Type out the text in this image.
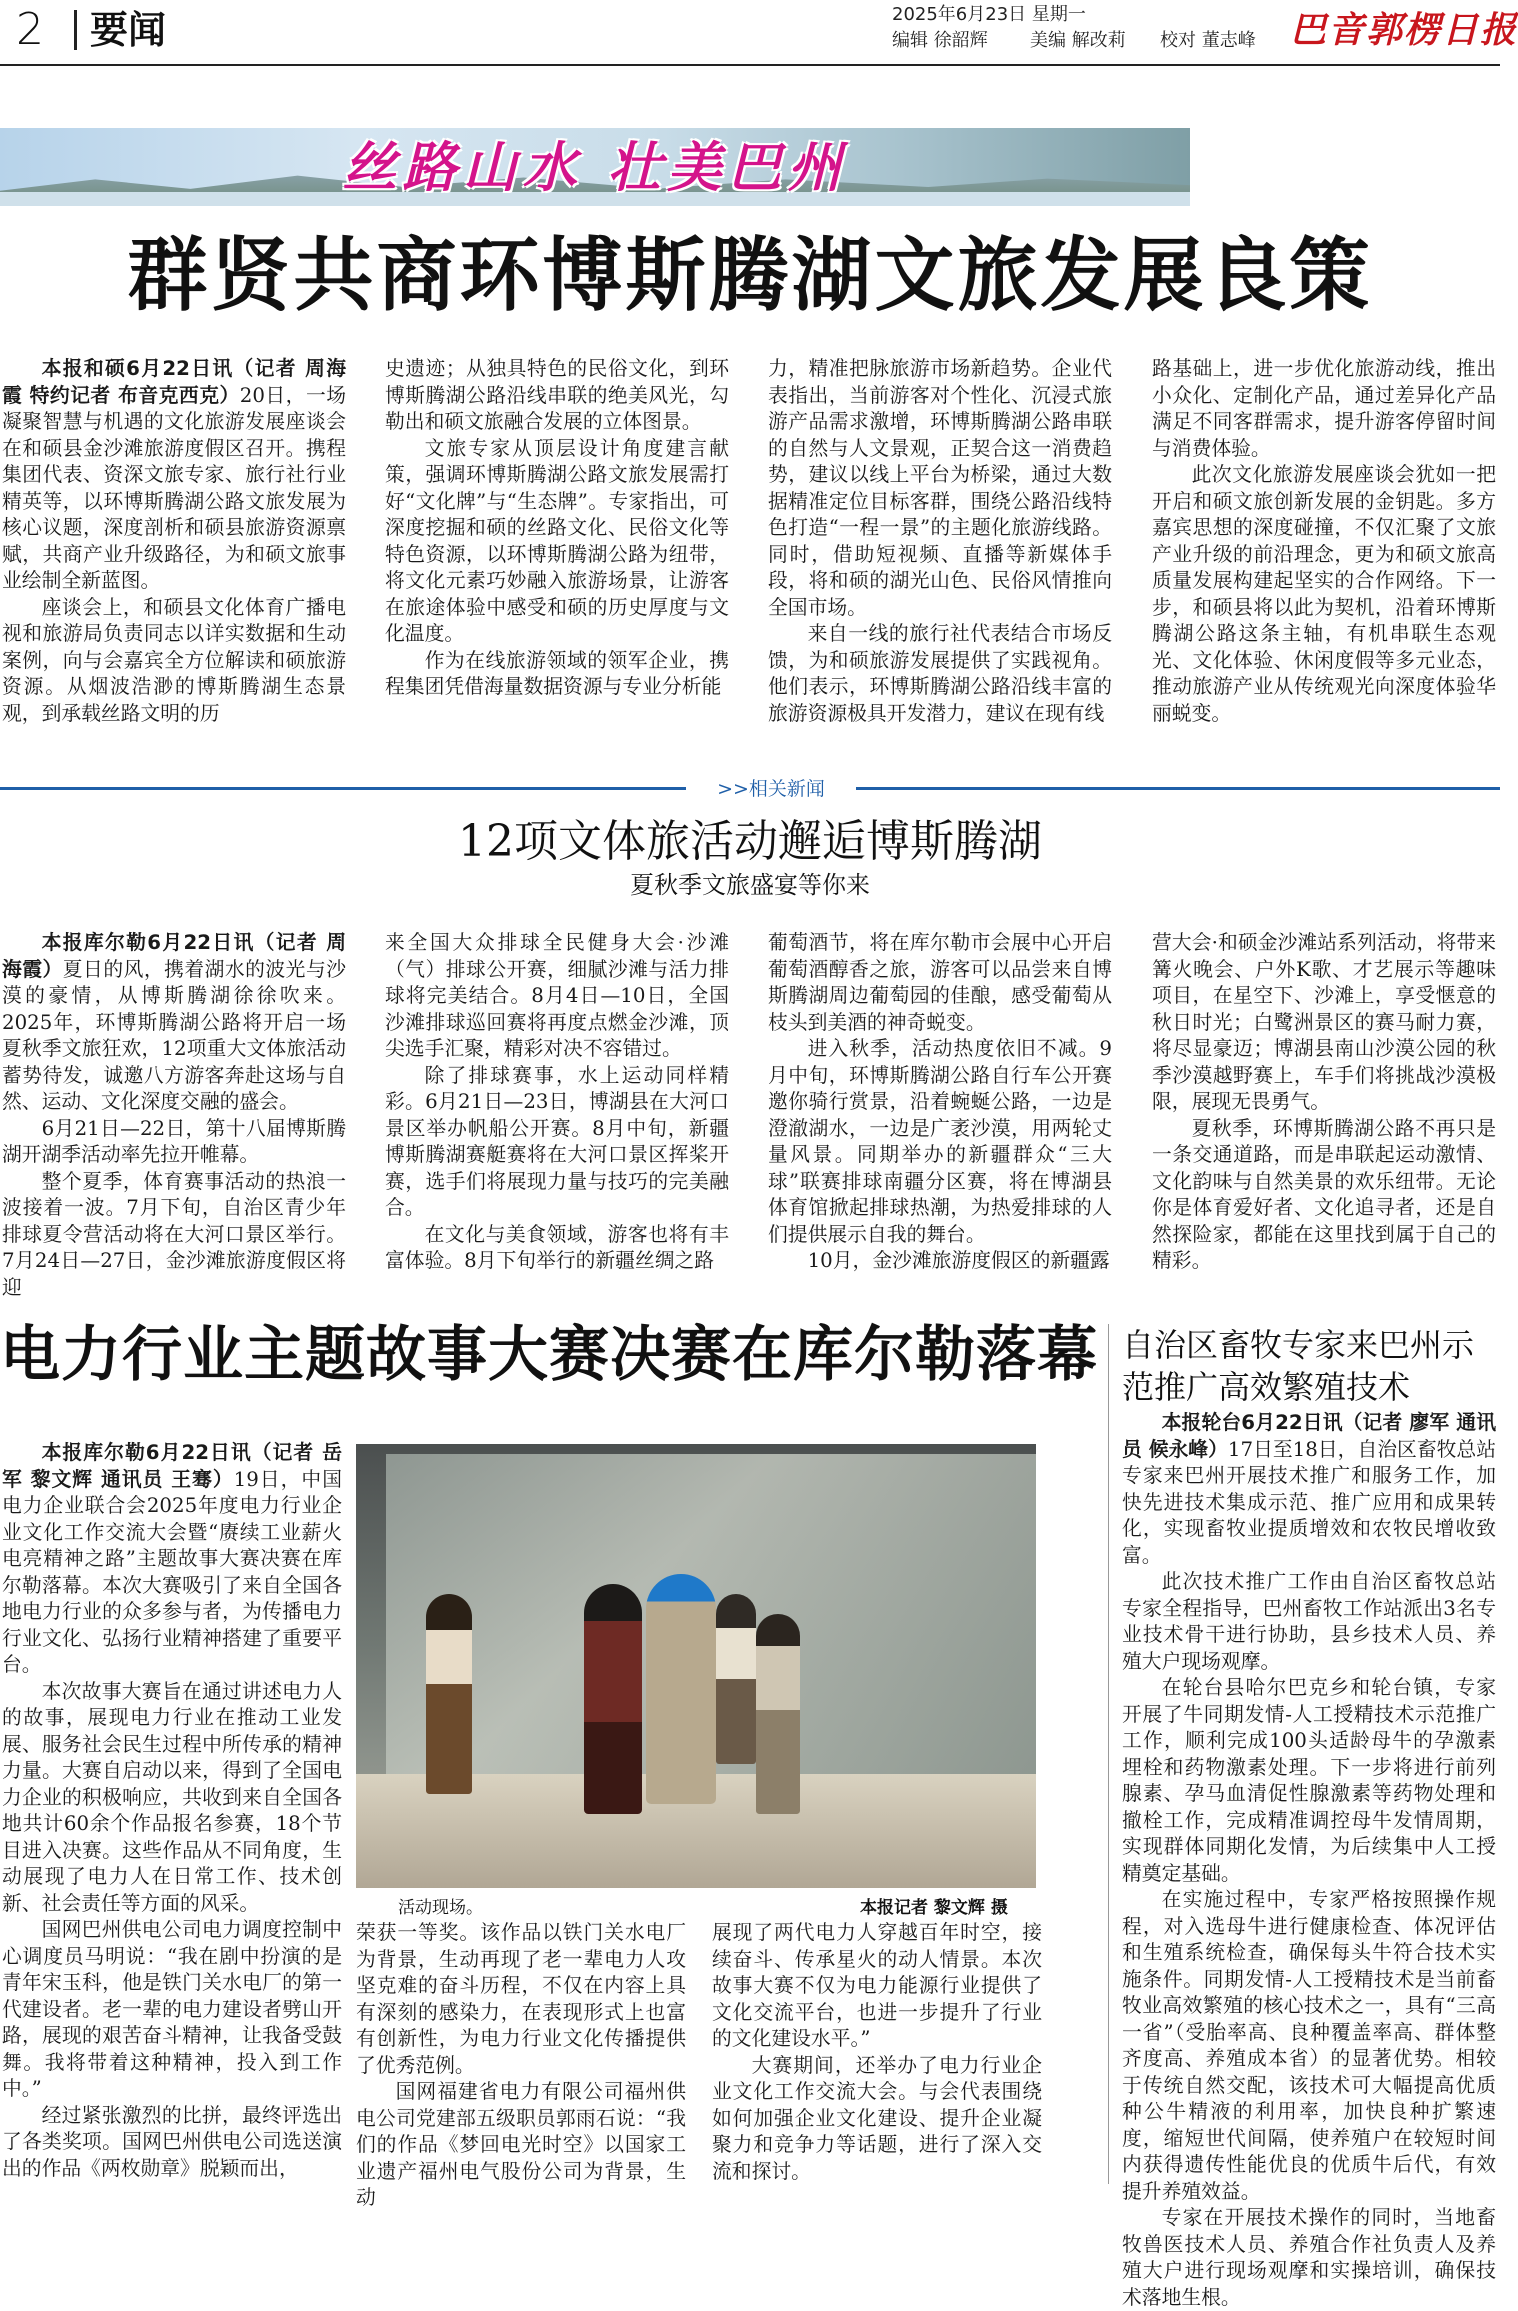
2 要闻	2025年6月23日 星期一
编辑 徐韶辉 美编 解改莉 校对 董志峰 巴音郭楞日报
丝路山水 壮美巴州
群贤共商环博斯腾湖文旅发展良策

本报和硕6月22日讯（记者 周海霞 特约记者 布音克西克）20日，一场凝聚智慧与机遇的文化旅游发展座谈会在和硕县金沙滩旅游度假区召开。携程集团代表、资深文旅专家、旅行社行业精英等，以环博斯腾湖公路文旅发展为核心议题，深度剖析和硕县旅游资源禀赋，共商产业升级路径，为和硕文旅事业绘制全新蓝图。

座谈会上，和硕县文化体育广播电视和旅游局负责同志以详实数据和生动案例，向与会嘉宾全方位解读和硕旅游资源。从烟波浩渺的博斯腾湖生态景观，到承载丝路文明的历

史遗迹；从独具特色的民俗文化，到环博斯腾湖公路沿线串联的绝美风光，勾勒出和硕文旅融合发展的立体图景。

文旅专家从顶层设计角度建言献策，强调环博斯腾湖公路文旅发展需打好“文化牌”与“生态牌”。专家指出，可深度挖掘和硕的丝路文化、民俗文化等特色资源，以环博斯腾湖公路为纽带，将文化元素巧妙融入旅游场景，让游客在旅途体验中感受和硕的历史厚度与文化温度。

作为在线旅游领域的领军企业，携程集团凭借海量数据资源与专业分析能

力，精准把脉旅游市场新趋势。企业代表指出，当前游客对个性化、沉浸式旅游产品需求激增，环博斯腾湖公路串联的自然与人文景观，正契合这一消费趋势，建议以线上平台为桥梁，通过大数据精准定位目标客群，围绕公路沿线特色打造“一程一景”的主题化旅游线路。同时，借助短视频、直播等新媒体手段，将和硕的湖光山色、民俗风情推向全国市场。

来自一线的旅行社代表结合市场反馈，为和硕旅游发展提供了实践视角。他们表示，环博斯腾湖公路沿线丰富的旅游资源极具开发潜力，建议在现有线

路基础上，进一步优化旅游动线，推出小众化、定制化产品，通过差异化产品满足不同客群需求，提升游客停留时间与消费体验。

此次文化旅游发展座谈会犹如一把开启和硕文旅创新发展的金钥匙。多方嘉宾思想的深度碰撞，不仅汇聚了文旅产业升级的前沿理念，更为和硕文旅高质量发展构建起坚实的合作网络。下一步，和硕县将以此为契机，沿着环博斯腾湖公路这条主轴，有机串联生态观光、文化体验、休闲度假等多元业态，推动旅游产业从传统观光向深度体验华丽蜕变。

>>相关新闻
12项文体旅活动邂逅博斯腾湖
夏秋季文旅盛宴等你来

本报库尔勒6月22日讯（记者 周海霞）夏日的风，携着湖水的波光与沙漠的豪情，从博斯腾湖徐徐吹来。2025年，环博斯腾湖公路将开启一场夏秋季文旅狂欢，12项重大文体旅活动蓄势待发，诚邀八方游客奔赴这场与自然、运动、文化深度交融的盛会。

6月21日—22日，第十八届博斯腾湖开湖季活动率先拉开帷幕。

整个夏季，体育赛事活动的热浪一波接着一波。7月下旬，自治区青少年排球夏令营活动将在大河口景区举行。7月24日—27日，金沙滩旅游度假区将迎

来全国大众排球全民健身大会·沙滩（气）排球公开赛，细腻沙滩与活力排球将完美结合。8月4日—10日，全国沙滩排球巡回赛将再度点燃金沙滩，顶尖选手汇聚，精彩对决不容错过。

除了排球赛事，水上运动同样精彩。6月21日—23日，博湖县在大河口景区举办帆船公开赛。8月中旬，新疆博斯腾湖赛艇赛将在大河口景区挥桨开赛，选手们将展现力量与技巧的完美融合。

在文化与美食领域，游客也将有丰富体验。8月下旬举行的新疆丝绸之路

葡萄酒节，将在库尔勒市会展中心开启葡萄酒醇香之旅，游客可以品尝来自博斯腾湖周边葡萄园的佳酿，感受葡萄从枝头到美酒的神奇蜕变。

进入秋季，活动热度依旧不减。9月中旬，环博斯腾湖公路自行车公开赛邀你骑行赏景，沿着蜿蜒公路，一边是澄澈湖水，一边是广袤沙漠，用两轮丈量风景。同期举办的新疆群众“三大球”联赛排球南疆分区赛，将在博湖县体育馆掀起排球热潮，为热爱排球的人们提供展示自我的舞台。

10月，金沙滩旅游度假区的新疆露

营大会·和硕金沙滩站系列活动，将带来篝火晚会、户外K歌、才艺展示等趣味项目，在星空下、沙滩上，享受惬意的秋日时光；白鹭洲景区的赛马耐力赛，将尽显豪迈；博湖县南山沙漠公园的秋季沙漠越野赛上，车手们将挑战沙漠极限，展现无畏勇气。

夏秋季，环博斯腾湖公路不再只是一条交通道路，而是串联起运动激情、文化韵味与自然美景的欢乐纽带。无论你是体育爱好者、文化追寻者，还是自然探险家，都能在这里找到属于自己的精彩。

电力行业主题故事大赛决赛在库尔勒落幕

本报库尔勒6月22日讯（记者 岳军 黎文辉 通讯员 王骞）19日，中国电力企业联合会2025年度电力行业企业文化工作交流大会暨“赓续工业薪火 电亮精神之路”主题故事大赛决赛在库尔勒落幕。本次大赛吸引了来自全国各地电力行业的众多参与者，为传播电力行业文化、弘扬行业精神搭建了重要平台。

本次故事大赛旨在通过讲述电力人的故事，展现电力行业在推动工业发展、服务社会民生过程中所传承的精神力量。大赛自启动以来，得到了全国电力企业的积极响应，共收到来自全国各地共计60余个作品报名参赛，18个节目进入决赛。这些作品从不同角度，生动展现了电力人在日常工作、技术创新、社会责任等方面的风采。

国网巴州供电公司电力调度控制中心调度员马明说：“我在剧中扮演的是青年宋玉科，他是铁门关水电厂的第一代建设者。老一辈的电力建设者劈山开路，展现的艰苦奋斗精神，让我备受鼓舞。我将带着这种精神，投入到工作中。”

经过紧张激烈的比拼，最终评选出了各类奖项。国网巴州供电公司选送演出的作品《两枚勋章》脱颖而出，

活动现场。	本报记者 黎文辉 摄

荣获一等奖。该作品以铁门关水电厂为背景，生动再现了老一辈电力人攻坚克难的奋斗历程，不仅在内容上具有深刻的感染力，在表现形式上也富有创新性，为电力行业文化传播提供了优秀范例。

国网福建省电力有限公司福州供电公司党建部五级职员郭雨石说：“我们的作品《梦回电光时空》以国家工业遗产福州电气股份公司为背景，生动

展现了两代电力人穿越百年时空，接续奋斗、传承星火的动人情景。本次故事大赛不仅为电力能源行业提供了文化交流平台，也进一步提升了行业的文化建设水平。”

大赛期间，还举办了电力行业企业文化工作交流大会。与会代表围绕如何加强企业文化建设、提升企业凝聚力和竞争力等话题，进行了深入交流和探讨。

自治区畜牧专家来巴州示范推广高效繁殖技术

本报轮台6月22日讯（记者 廖军 通讯员 候永峰）17日至18日，自治区畜牧总站专家来巴州开展技术推广和服务工作，加快先进技术集成示范、推广应用和成果转化，实现畜牧业提质增效和农牧民增收致富。

此次技术推广工作由自治区畜牧总站专家全程指导，巴州畜牧工作站派出3名专业技术骨干进行协助，县乡技术人员、养殖大户现场观摩。

在轮台县哈尔巴克乡和轮台镇，专家开展了牛同期发情-人工授精技术示范推广工作，顺利完成100头适龄母牛的孕激素埋栓和药物激素处理。下一步将进行前列腺素、孕马血清促性腺激素等药物处理和撤栓工作，完成精准调控母牛发情周期，实现群体同期化发情，为后续集中人工授精奠定基础。

在实施过程中，专家严格按照操作规程，对入选母牛进行健康检查、体况评估和生殖系统检查，确保每头牛符合技术实施条件。同期发情-人工授精技术是当前畜牧业高效繁殖的核心技术之一，具有“三高一省”（受胎率高、良种覆盖率高、群体整齐度高、养殖成本省）的显著优势。相较于传统自然交配，该技术可大幅提高优质种公牛精液的利用率，加快良种扩繁速度，缩短世代间隔，使养殖户在较短时间内获得遗传性能优良的优质牛后代，有效提升养殖效益。

专家在开展技术操作的同时，当地畜牧兽医技术人员、养殖合作社负责人及养殖大户进行现场观摩和实操培训，确保技术落地生根。
